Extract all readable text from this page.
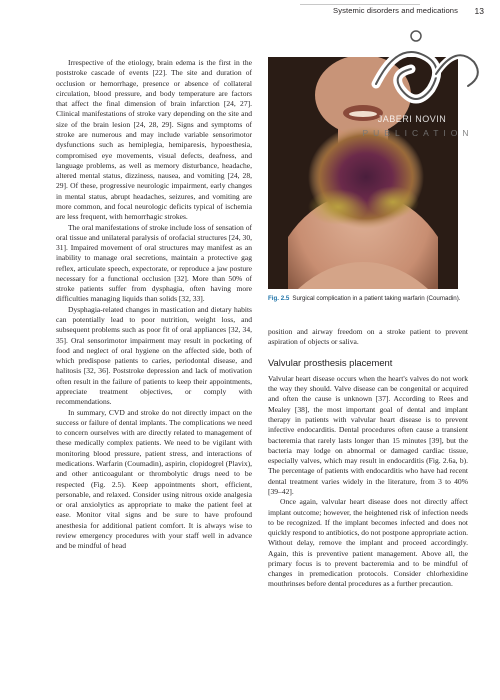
Systemic disorders and medications 13

Irrespective of the etiology, brain edema is the first in the poststroke cascade of events [22]. The site and duration of occlusion or hemorrhage, presence or absence of collateral circulation, blood pressure, and body temperature are factors that affect the final dimension of brain infarction [24, 27]. Clinical manifestations of stroke vary depending on the site and size of the brain lesion [24, 28, 29]. Signs and symptoms of stroke are numerous and may include variable sensorimotor dysfunctions such as hemiplegia, hemiparesis, hypoesthesia, compromised eye movements, visual defects, deafness, and language problems, as well as memory disturbance, headache, altered mental status, dizziness, nausea, and vomiting [24, 28, 29]. Of these, progressive neurologic impairment, early changes in mental status, abrupt headaches, seizures, and vomiting are more common, and focal neurologic deficits typical of ischemia are less frequent, with hemorrhagic strokes.

The oral manifestations of stroke include loss of sensation of oral tissue and unilateral paralysis of orofacial structures [24, 30, 31]. Impaired movement of oral structures may manifest as an inability to manage oral secretions, maintain a protective gag reflex, articulate speech, expectorate, or reproduce a jaw posture necessary for a functional occlusion [32]. More than 50% of stroke patients suffer from dysphagia, often having more difficulties managing liquids than solids [32, 33].

Dysphagia-related changes in mastication and dietary habits can potentially lead to poor nutrition, weight loss, and subsequent problems such as poor fit of oral appliances [32, 34, 35]. Oral sensorimotor impairment may result in pocketing of food and neglect of oral hygiene on the affected side, both of which predispose patients to caries, periodontal disease, and halitosis [32, 36]. Poststroke depression and lack of motivation often result in the failure of patients to keep their appointments, appreciate treatment objectives, or comply with recommendations.

In summary, CVD and stroke do not directly impact on the success or failure of dental implants. The complications we need to concern ourselves with are directly related to management of these medically complex patients. We need to be vigilant with monitoring blood pressure, patient stress, and interactions of medications. Warfarin (Coumadin), aspirin, clopidogrel (Plavix), and other anticoagulant or thrombolytic drugs need to be respected (Fig. 2.5). Keep appointments short, efficient, personable, and relaxed. Consider using nitrous oxide analgesia or oral anxiolytics as appropriate to make the patient feel at ease. Monitor vital signs and be sure to have profound anesthesia for additional patient comfort. It is always wise to review emergency procedures with your staff well in advance and be mindful of head

JABERI NOVIN
PUBLICATION
Fig. 2.5 Surgical complication in a patient taking warfarin (Coumadin).

position and airway freedom on a stroke patient to prevent aspiration of objects or saliva.

Valvular prosthesis placement

Valvular heart disease occurs when the heart's valves do not work the way they should. Valve disease can be congenital or acquired and often the cause is unknown [37]. According to Rees and Mealey [38], the most important goal of dental and implant therapy in patients with valvular heart disease is to prevent infective endocarditis. Dental procedures often cause a transient bacteremia that rarely lasts longer than 15 minutes [39], but the bacteria may lodge on abnormal or damaged cardiac tissue, especially valves, which may result in endocarditis (Fig. 2.6a, b). The percentage of patients with endocarditis who have had recent dental treatment varies widely in the literature, from 3 to 40% [39–42].

Once again, valvular heart disease does not directly affect implant outcome; however, the heightened risk of infection needs to be recognized. If the implant becomes infected and does not quickly respond to antibiotics, do not postpone appropriate action. Without delay, remove the implant and proceed accordingly. Again, this is preventive patient management. Above all, the primary focus is to prevent bacteremia and to be mindful of changes in premedication protocols. Consider chlorhexidine mouthrinses before dental procedures as a further precaution.
